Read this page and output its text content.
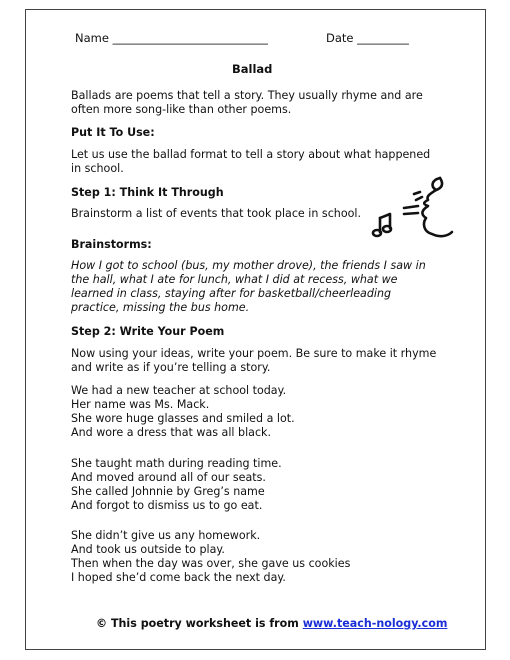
Name ___________________________	Date _________
Ballad
Ballads are poems that tell a story. They usually rhyme and are
often more song-like than other poems.
Put It To Use:
Let us use the ballad format to tell a story about what happened
in school.
Step 1: Think It Through
Brainstorm a list of events that took place in school.
Brainstorms:
How I got to school (bus, my mother drove), the friends I saw in
the hall, what I ate for lunch, what I did at recess, what we
learned in class, staying after for basketball/cheerleading
practice, missing the bus home.
Step 2: Write Your Poem
Now using your ideas, write your poem. Be sure to make it rhyme
and write as if you’re telling a story.
We had a new teacher at school today.
Her name was Ms. Mack.
She wore huge glasses and smiled a lot.
And wore a dress that was all black.
She taught math during reading time.
And moved around all of our seats.
She called Johnnie by Greg’s name
And forgot to dismiss us to go eat.
She didn’t give us any homework.
And took us outside to play.
Then when the day was over, she gave us cookies
I hoped she’d come back the next day.
© This poetry worksheet is from www.teach-nology.com
